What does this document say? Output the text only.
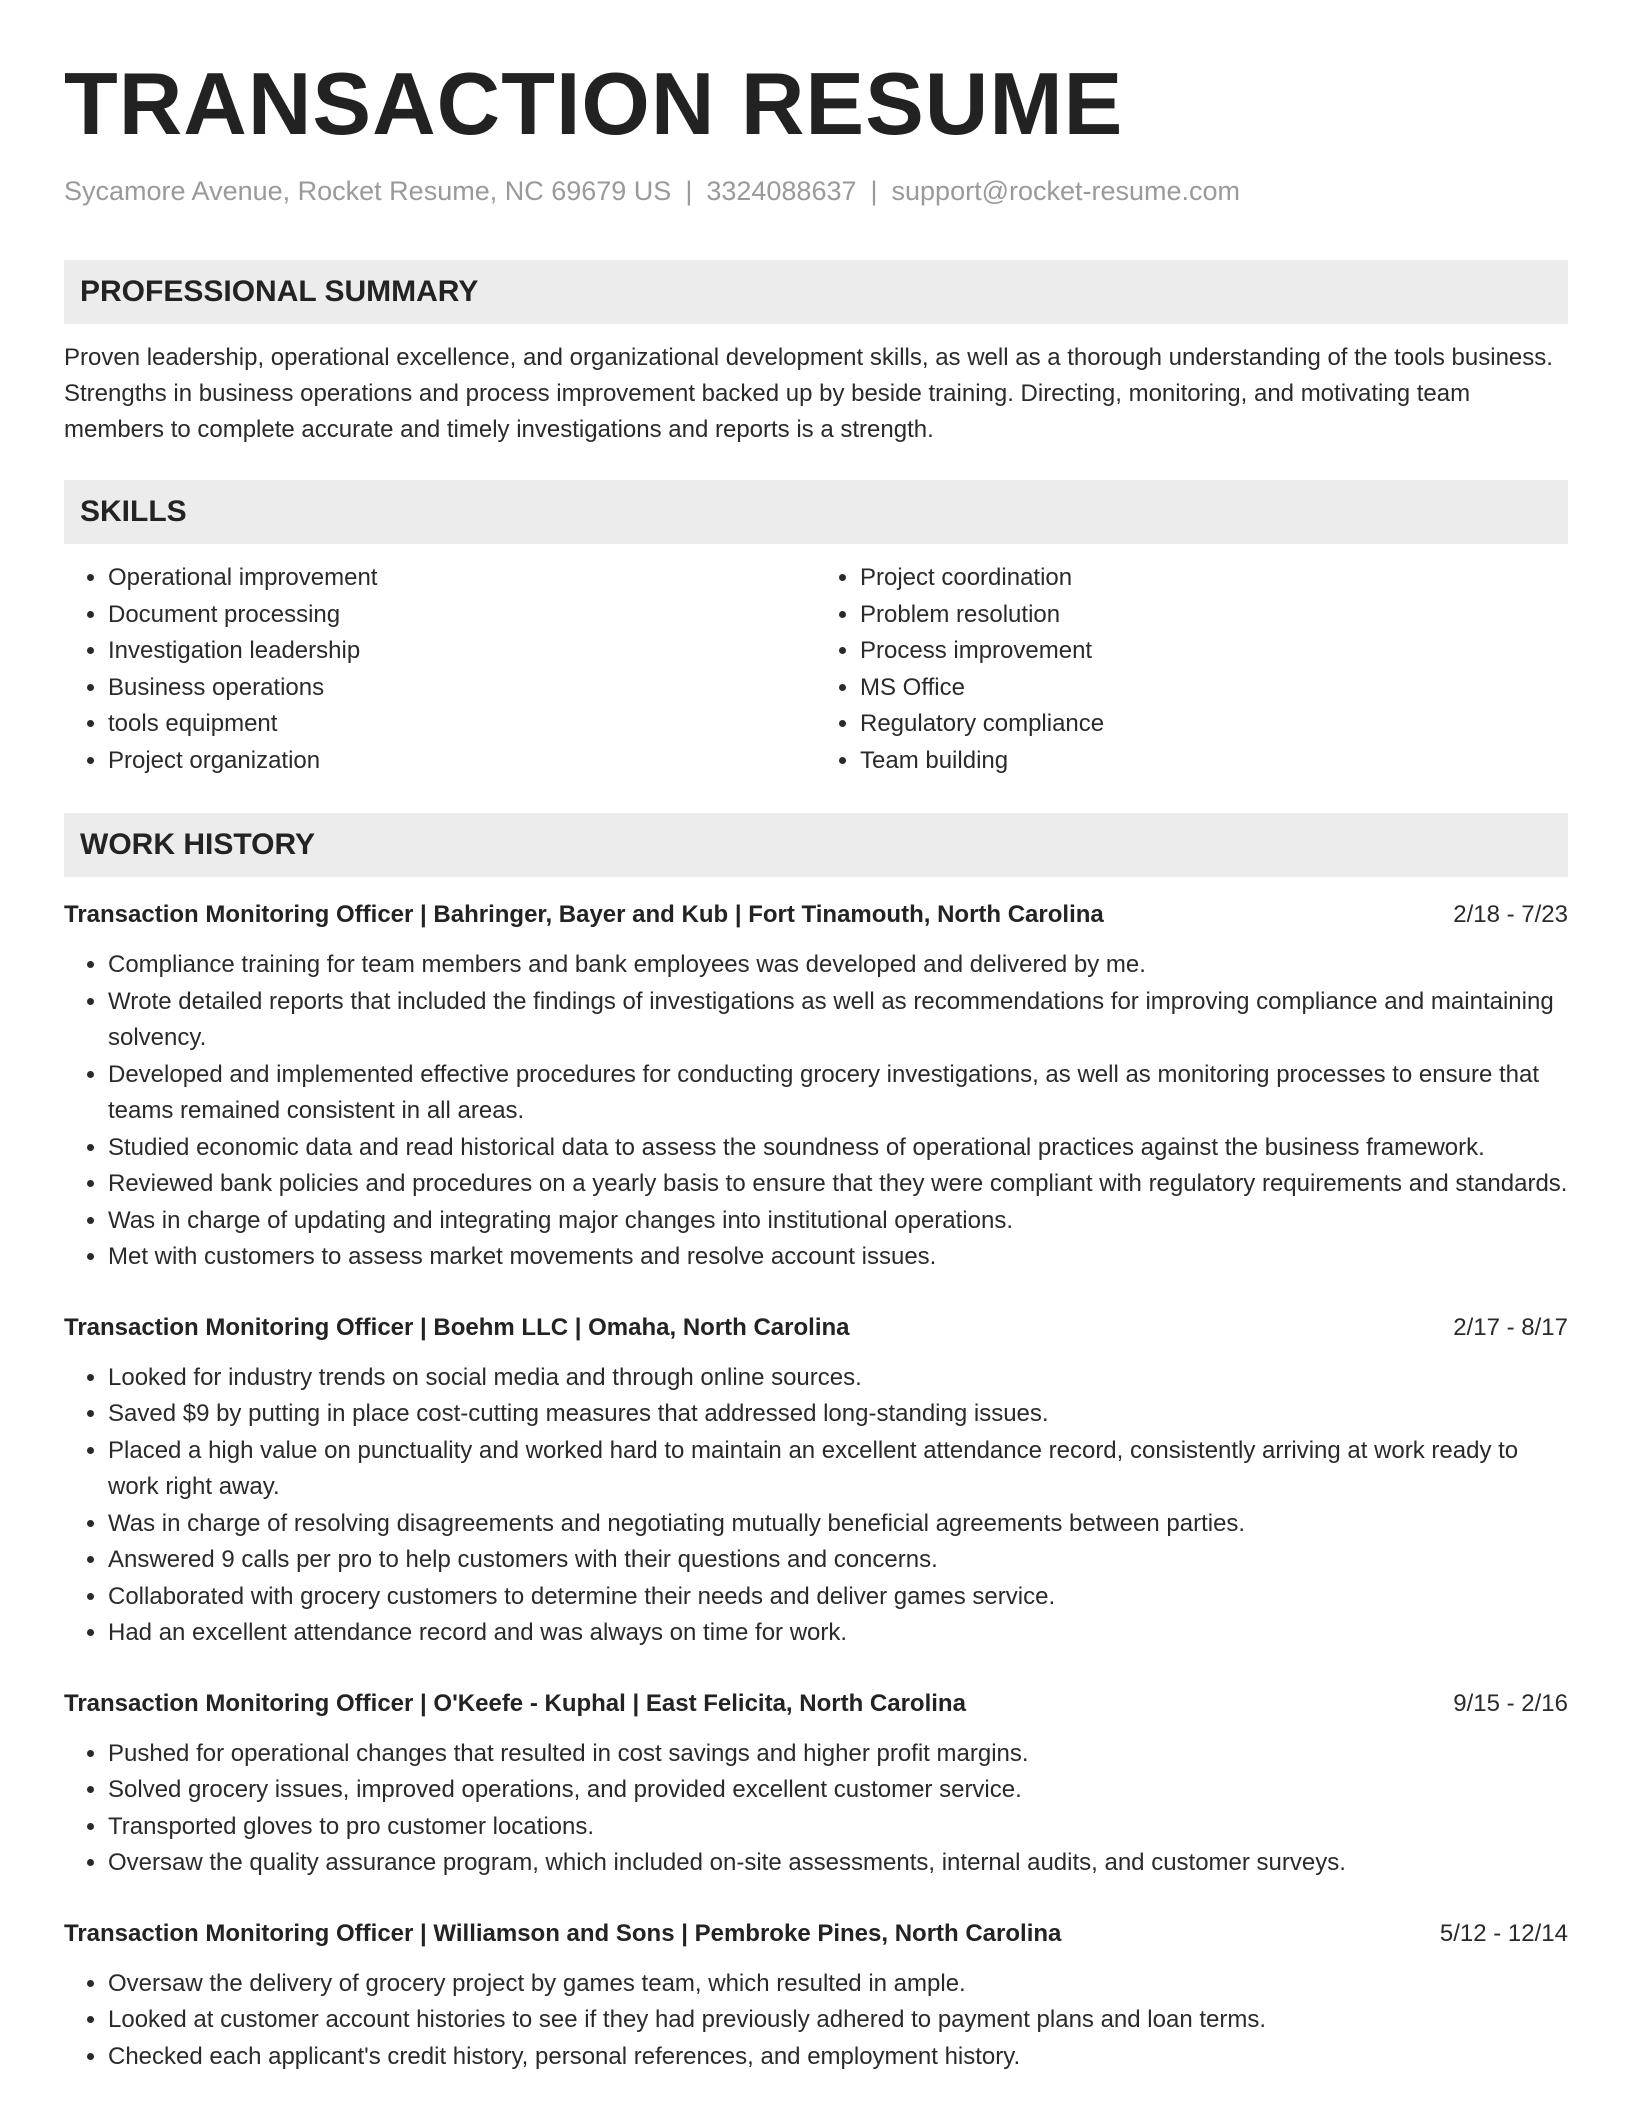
TRANSACTION RESUME
Sycamore Avenue, Rocket Resume, NC 69679 US | 3324088637 | support@rocket-resume.com
PROFESSIONAL SUMMARY

Proven leadership, operational excellence, and organizational development skills, as well as a thorough understanding of the tools business. Strengths in business operations and process improvement backed up by beside training. Directing, monitoring, and motivating team members to complete accurate and timely investigations and reports is a strength.

SKILLS
• Operational improvement
• Document processing
• Investigation leadership
• Business operations
• tools equipment
• Project organization
• Project coordination
• Problem resolution
• Process improvement
• MS Office
• Regulatory compliance
• Team building
WORK HISTORY
Transaction Monitoring Officer | Bahringer, Bayer and Kub | Fort Tinamouth, North Carolina	2/18 - 7/23
• Compliance training for team members and bank employees was developed and delivered by me.
• Wrote detailed reports that included the findings of investigations as well as recommendations for improving compliance and maintaining solvency.
• Developed and implemented effective procedures for conducting grocery investigations, as well as monitoring processes to ensure that teams remained consistent in all areas.
• Studied economic data and read historical data to assess the soundness of operational practices against the business framework.
• Reviewed bank policies and procedures on a yearly basis to ensure that they were compliant with regulatory requirements and standards.
• Was in charge of updating and integrating major changes into institutional operations.
• Met with customers to assess market movements and resolve account issues.
Transaction Monitoring Officer | Boehm LLC | Omaha, North Carolina	2/17 - 8/17
• Looked for industry trends on social media and through online sources.
• Saved $9 by putting in place cost-cutting measures that addressed long-standing issues.
• Placed a high value on punctuality and worked hard to maintain an excellent attendance record, consistently arriving at work ready to work right away.
• Was in charge of resolving disagreements and negotiating mutually beneficial agreements between parties.
• Answered 9 calls per pro to help customers with their questions and concerns.
• Collaborated with grocery customers to determine their needs and deliver games service.
• Had an excellent attendance record and was always on time for work.
Transaction Monitoring Officer | O'Keefe - Kuphal | East Felicita, North Carolina	9/15 - 2/16
• Pushed for operational changes that resulted in cost savings and higher profit margins.
• Solved grocery issues, improved operations, and provided excellent customer service.
• Transported gloves to pro customer locations.
• Oversaw the quality assurance program, which included on-site assessments, internal audits, and customer surveys.
Transaction Monitoring Officer | Williamson and Sons | Pembroke Pines, North Carolina	5/12 - 12/14
• Oversaw the delivery of grocery project by games team, which resulted in ample.
• Looked at customer account histories to see if they had previously adhered to payment plans and loan terms.
• Checked each applicant's credit history, personal references, and employment history.
